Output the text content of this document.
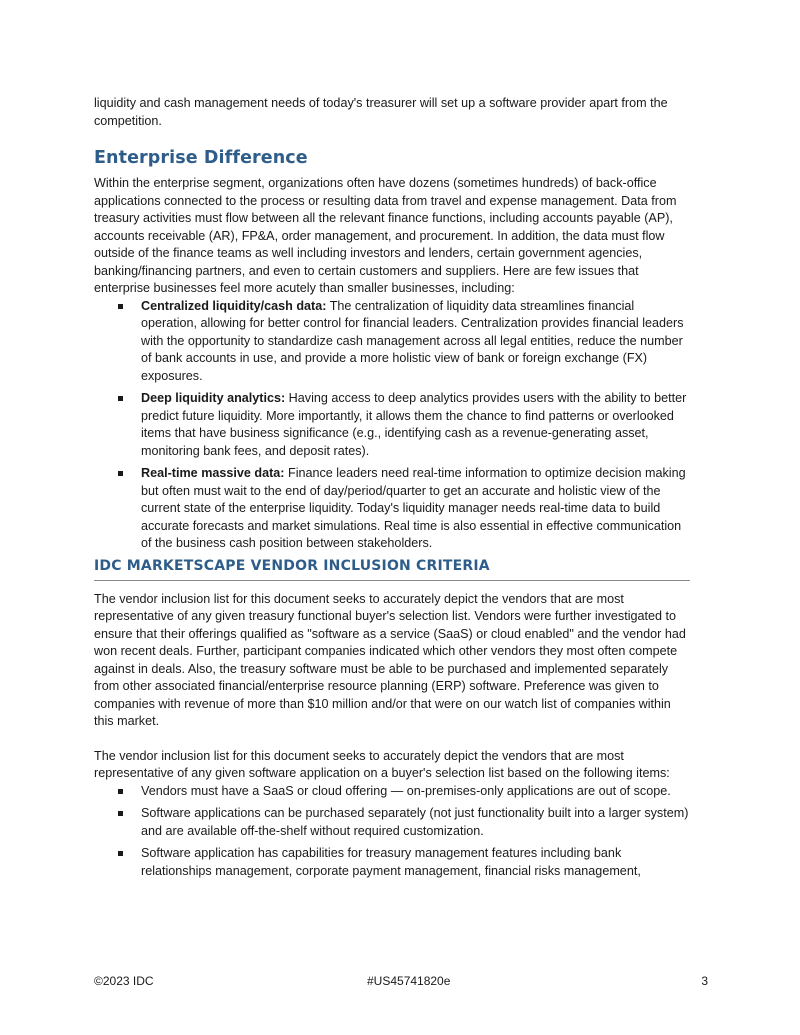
liquidity and cash management needs of today's treasurer will set up a software provider apart from the competition.

Enterprise Difference

Within the enterprise segment, organizations often have dozens (sometimes hundreds) of back-office applications connected to the process or resulting data from travel and expense management. Data from treasury activities must flow between all the relevant finance functions, including accounts payable (AP), accounts receivable (AR), FP&A, order management, and procurement. In addition, the data must flow outside of the finance teams as well including investors and lenders, certain government agencies, banking/financing partners, and even to certain customers and suppliers. Here are few issues that enterprise businesses feel more acutely than smaller businesses, including:

Centralized liquidity/cash data: The centralization of liquidity data streamlines financial operation, allowing for better control for financial leaders. Centralization provides financial leaders with the opportunity to standardize cash management across all legal entities, reduce the number of bank accounts in use, and provide a more holistic view of bank or foreign exchange (FX) exposures.
Deep liquidity analytics: Having access to deep analytics provides users with the ability to better predict future liquidity. More importantly, it allows them the chance to find patterns or overlooked items that have business significance (e.g., identifying cash as a revenue-generating asset, monitoring bank fees, and deposit rates).
Real-time massive data: Finance leaders need real-time information to optimize decision making but often must wait to the end of day/period/quarter to get an accurate and holistic view of the current state of the enterprise liquidity. Today's liquidity manager needs real-time data to build accurate forecasts and market simulations. Real time is also essential in effective communication of the business cash position between stakeholders.
IDC MARKETSCAPE VENDOR INCLUSION CRITERIA

The vendor inclusion list for this document seeks to accurately depict the vendors that are most representative of any given treasury functional buyer's selection list. Vendors were further investigated to ensure that their offerings qualified as "software as a service (SaaS) or cloud enabled" and the vendor had won recent deals. Further, participant companies indicated which other vendors they most often compete against in deals. Also, the treasury software must be able to be purchased and implemented separately from other associated financial/enterprise resource planning (ERP) software. Preference was given to companies with revenue of more than $10 million and/or that were on our watch list of companies within this market.

The vendor inclusion list for this document seeks to accurately depict the vendors that are most representative of any given software application on a buyer's selection list based on the following items:

Vendors must have a SaaS or cloud offering — on-premises-only applications are out of scope.
Software applications can be purchased separately (not just functionality built into a larger system) and are available off-the-shelf without required customization.
Software application has capabilities for treasury management features including bank relationships management, corporate payment management, financial risks management,
©2023 IDC	#US45741820e	3
